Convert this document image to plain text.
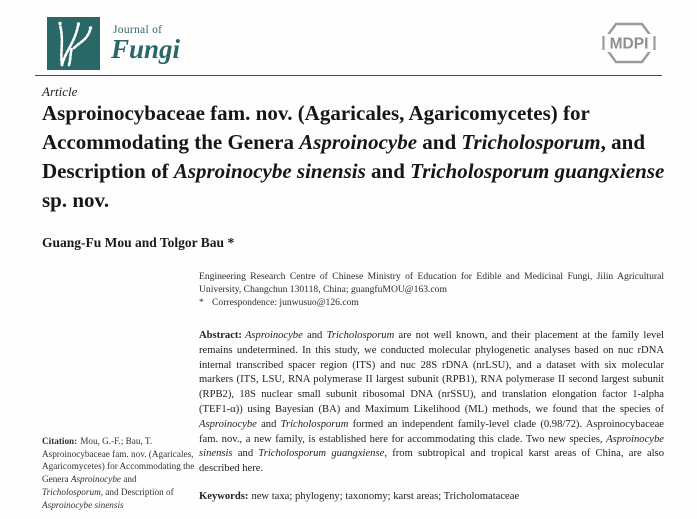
Journal of
Fungi	MDPI
Article
Asproinocybaceae fam. nov. (Agaricales, Agaricomycetes) for Accommodating the Genera Asproinocybe and Tricholosporum, and Description of Asproinocybe sinensis and Tricholosporum guangxiense sp. nov.
Guang-Fu Mou and Tolgor Bau *
Engineering Research Centre of Chinese Ministry of Education for Edible and Medicinal Fungi, Jilin Agricultural University, Changchun 130118, China; guangfuMOU@163.com
* Correspondence: junwusuo@126.com
Abstract: Asproinocybe and Tricholosporum are not well known, and their placement at the family level remains undetermined. In this study, we conducted molecular phylogenetic analyses based on nuc rDNA internal transcribed spacer region (ITS) and nuc 28S rDNA (nrLSU), and a dataset with six molecular markers (ITS, LSU, RNA polymerase II largest subunit (RPB1), RNA polymerase II second largest subunit (RPB2), 18S nuclear small subunit ribosomal DNA (nrSSU), and translation elongation factor 1-alpha (TEF1-α)) using Bayesian (BA) and Maximum Likelihood (ML) methods, we found that the species of Asproinocybe and Tricholosporum formed an independent family-level clade (0.98/72). Asproinocybaceae fam. nov., a new family, is established here for accommodating this clade. Two new species, Asproinocybe sinensis and Tricholosporum guangxiense, from subtropical and tropical karst areas of China, are also described here.
Keywords: new taxa; phylogeny; taxonomy; karst areas; Tricholomataceae
Citation: Mou, G.-F.; Bau, T. Asproinocybaceae fam. nov. (Agaricales, Agaricomycetes) for Accommodating the Genera Asproinocybe and Tricholosporum, and Description of Asproinocybe sinensis
